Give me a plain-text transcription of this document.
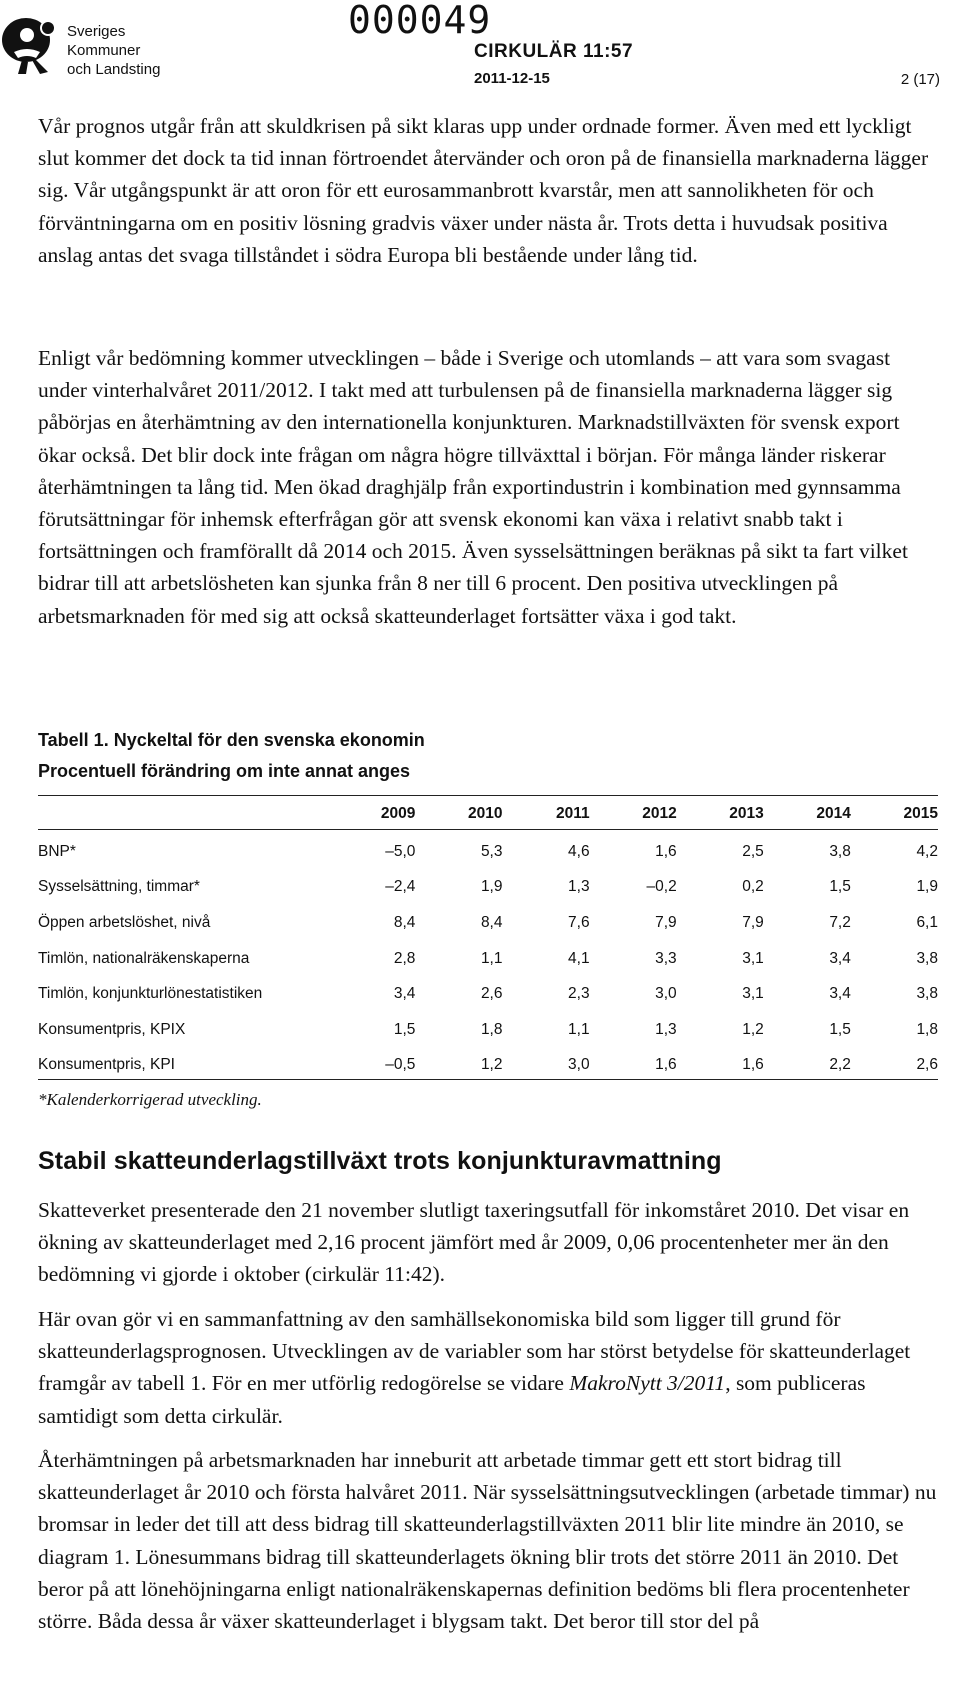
Sveriges
Kommuner
och Landsting
000049
CIRKULÄR 11:57
2011-12-15	2 (17)

Vår prognos utgår från att skuldkrisen på sikt klaras upp under ordnade former. Även med ett lyckligt slut kommer det dock ta tid innan förtroendet återvänder och oron på de finansiella marknaderna lägger sig. Vår utgångspunkt är att oron för ett eurosammanbrott kvarstår, men att sannolikheten för och förväntningarna om en positiv lösning gradvis växer under nästa år. Trots detta i huvudsak positiva anslag antas det svaga tillståndet i södra Europa bli bestående under lång tid.

Enligt vår bedömning kommer utvecklingen – både i Sverige och utomlands – att vara som svagast under vinterhalvåret 2011/2012. I takt med att turbulensen på de finansiella marknaderna lägger sig påbörjas en återhämtning av den internationella konjunkturen. Marknadstillväxten för svensk export ökar också. Det blir dock inte frågan om några högre tillväxttal i början. För många länder riskerar återhämtningen ta lång tid. Men ökad draghjälp från exportindustrin i kombination med gynnsamma förutsättningar för inhemsk efterfrågan gör att svensk ekonomi kan växa i relativt snabb takt i fortsättningen och framförallt då 2014 och 2015. Även sysselsättningen beräknas på sikt ta fart vilket bidrar till att arbetslösheten kan sjunka från 8 ner till 6 procent. Den positiva utvecklingen på arbetsmarknaden för med sig att också skatteunderlaget fortsätter växa i god takt.

Tabell 1. Nyckeltal för den svenska ekonomin
Procentuell förändring om inte annat anges
	2009	2010	2011	2012	2013	2014	2015

BNP*	–5,0	5,3	4,6	1,6	2,5	3,8	4,2
Sysselsättning, timmar*	–2,4	1,9	1,3	–0,2	0,2	1,5	1,9
Öppen arbetslöshet, nivå	8,4	8,4	7,6	7,9	7,9	7,2	6,1
Timlön, nationalräkenskaperna	2,8	1,1	4,1	3,3	3,1	3,4	3,8
Timlön, konjunkturlönestatistiken	3,4	2,6	2,3	3,0	3,1	3,4	3,8
Konsumentpris, KPIX	1,5	1,8	1,1	1,3	1,2	1,5	1,8
Konsumentpris, KPI	–0,5	1,2	3,0	1,6	1,6	2,2	2,6
*Kalenderkorrigerad utveckling.
Stabil skatteunderlagstillväxt trots konjunkturavmattning

Skatteverket presenterade den 21 november slutligt taxeringsutfall för inkomståret 2010. Det visar en ökning av skatteunderlaget med 2,16 procent jämfört med år 2009, 0,06 procentenheter mer än den bedömning vi gjorde i oktober (cirkulär 11:42).

Här ovan gör vi en sammanfattning av den samhällsekonomiska bild som ligger till grund för skatteunderlagsprognosen. Utvecklingen av de variabler som har störst betydelse för skatteunderlaget framgår av tabell 1. För en mer utförlig redogörelse se vidare MakroNytt 3/2011, som publiceras samtidigt som detta cirkulär.

Återhämtningen på arbetsmarknaden har inneburit att arbetade timmar gett ett stort bidrag till skatteunderlaget år 2010 och första halvåret 2011. När sysselsättningsutvecklingen (arbetade timmar) nu bromsar in leder det till att dess bidrag till skatteunderlagstillväxten 2011 blir lite mindre än 2010, se diagram 1. Lönesummans bidrag till skatteunderlagets ökning blir trots det större 2011 än 2010. Det beror på att lönehöjningarna enligt nationalräkenskapernas definition bedöms bli flera procentenheter större. Båda dessa år växer skatteunderlaget i blygsam takt. Det beror till stor del på
